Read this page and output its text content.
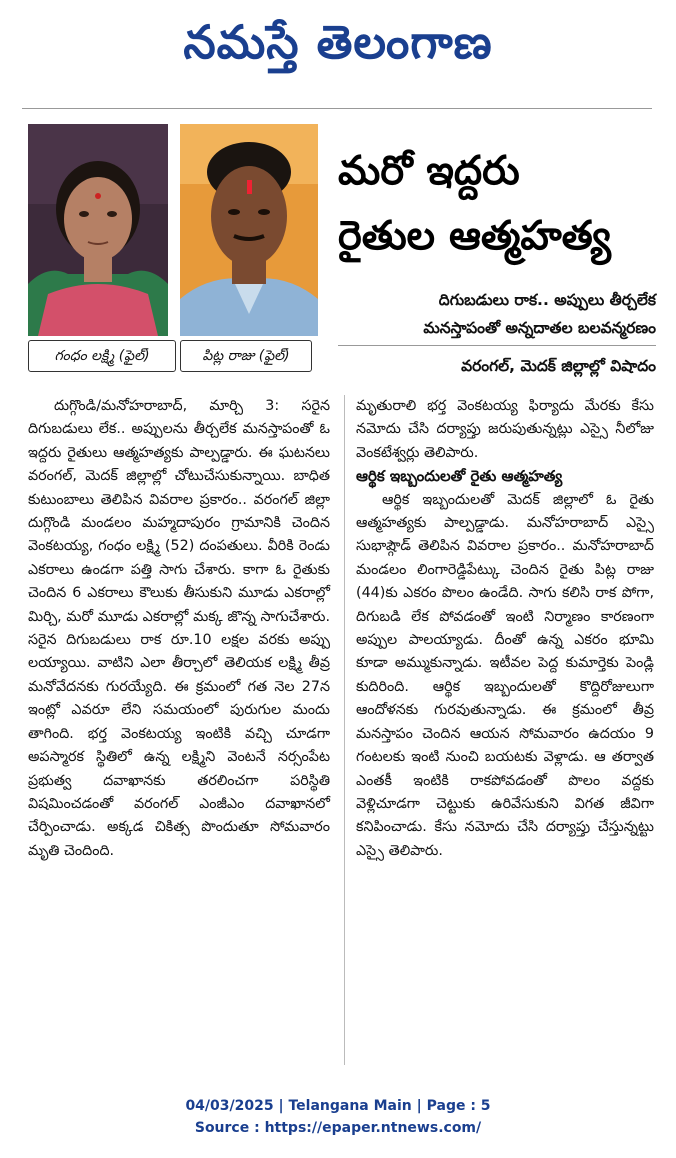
నమస్తే తెలంగాణ
గంధం లక్ష్మి (ఫైల్)	పిట్ల రాజు (ఫైల్)
మరో ఇద్దరు
రైతుల ఆత్మహత్య
దిగుబడులు రాక.. అప్పులు తీర్చలేక
మనస్తాపంతో అన్నదాతల బలవన్మరణం
వరంగల్, మెదక్ జిల్లాల్లో విషాదం

దుగ్గొండి/మనోహరాబాద్, మార్చి 3: సరైన దిగుబడులు లేక.. అప్పులను తీర్చలేక మనస్తాపంతో ఓ ఇద్దరు రైతులు ఆత్మహత్యకు పాల్పడ్డారు. ఈ ఘటనలు వరంగల్, మెదక్ జిల్లాల్లో చోటుచేసుకున్నాయి. బాధిత కుటుంబాలు తెలిపిన వివరాల ప్రకారం.. వరంగల్ జిల్లా దుగ్గొండి మండలం మహ్మదాపురం గ్రామానికి చెందిన వెంకటయ్య, గంధం లక్ష్మి (52) దంపతులు. వీరికి రెండు ఎకరాలు ఉండగా పత్తి సాగు చేశారు. కాగా ఓ రైతుకు చెందిన 6 ఎకరాలు కౌలుకు తీసుకుని మూడు ఎకరాల్లో మిర్చి, మరో మూడు ఎకరాల్లో మక్క జొన్న సాగుచేశారు. సరైన దిగుబడులు రాక రూ.10 లక్షల వరకు అప్పు లయ్యాయి. వాటిని ఎలా తీర్చాలో తెలియక లక్ష్మి తీవ్ర మనోవేదనకు గురయ్యేది. ఈ క్రమంలో గత నెల 27న ఇంట్లో ఎవరూ లేని సమయంలో పురుగుల మందు తాగింది. భర్త వెంకటయ్య ఇంటికి వచ్చి చూడగా అపస్మారక స్థితిలో ఉన్న లక్ష్మిని వెంటనే నర్సంపేట ప్రభుత్వ దవాఖానకు తరలించగా పరిస్థితి విషమించడంతో వరంగల్ ఎంజీఎం దవాఖానలో చేర్పించాడు. అక్కడ చికిత్స పొందుతూ సోమవారం మృతి చెందింది.

మృతురాలి భర్త వెంకటయ్య ఫిర్యాదు మేరకు కేసు నమోదు చేసి దర్యాప్తు జరుపుతున్నట్లు ఎస్సై నీలోజు వెంకటేశ్వర్లు తెలిపారు.

ఆర్థిక ఇబ్బందులతో రైతు ఆత్మహత్య

ఆర్థిక ఇబ్బందులతో మెదక్ జిల్లాలో ఓ రైతు ఆత్మహత్యకు పాల్పడ్డాడు. మనోహరాబాద్ ఎస్సై సుభాష్గౌడ్ తెలిపిన వివరాల ప్రకారం.. మనోహరాబాద్ మండలం లింగారెడ్డిపేట్కు చెందిన రైతు పిట్ల రాజు (44)కు ఎకరం పొలం ఉండేది. సాగు కలిసి రాక పోగా, దిగుబడి లేక పోవడంతో ఇంటి నిర్మాణం కారణంగా అప్పుల పాలయ్యాడు. దీంతో ఉన్న ఎకరం భూమి కూడా అమ్ముకున్నాడు. ఇటీవల పెద్ద కుమార్తెకు పెండ్లి కుదిరింది. ఆర్థిక ఇబ్బందులతో కొద్దిరోజులుగా ఆందోళనకు గురవుతున్నాడు. ఈ క్రమంలో తీవ్ర మనస్తాపం చెందిన ఆయన సోమవారం ఉదయం 9 గంటలకు ఇంటి నుంచి బయటకు వెళ్లాడు. ఆ తర్వాత ఎంతకీ ఇంటికి రాకపోవడంతో పొలం వద్దకు వెళ్లిచూడగా చెట్టుకు ఉరివేసుకుని విగత జీవిగా కనిపించాడు. కేసు నమోదు చేసి దర్యాప్తు చేస్తున్నట్టు ఎస్సై తెలిపారు.

04/03/2025 | Telangana Main | Page : 5
Source : https://epaper.ntnews.com/
